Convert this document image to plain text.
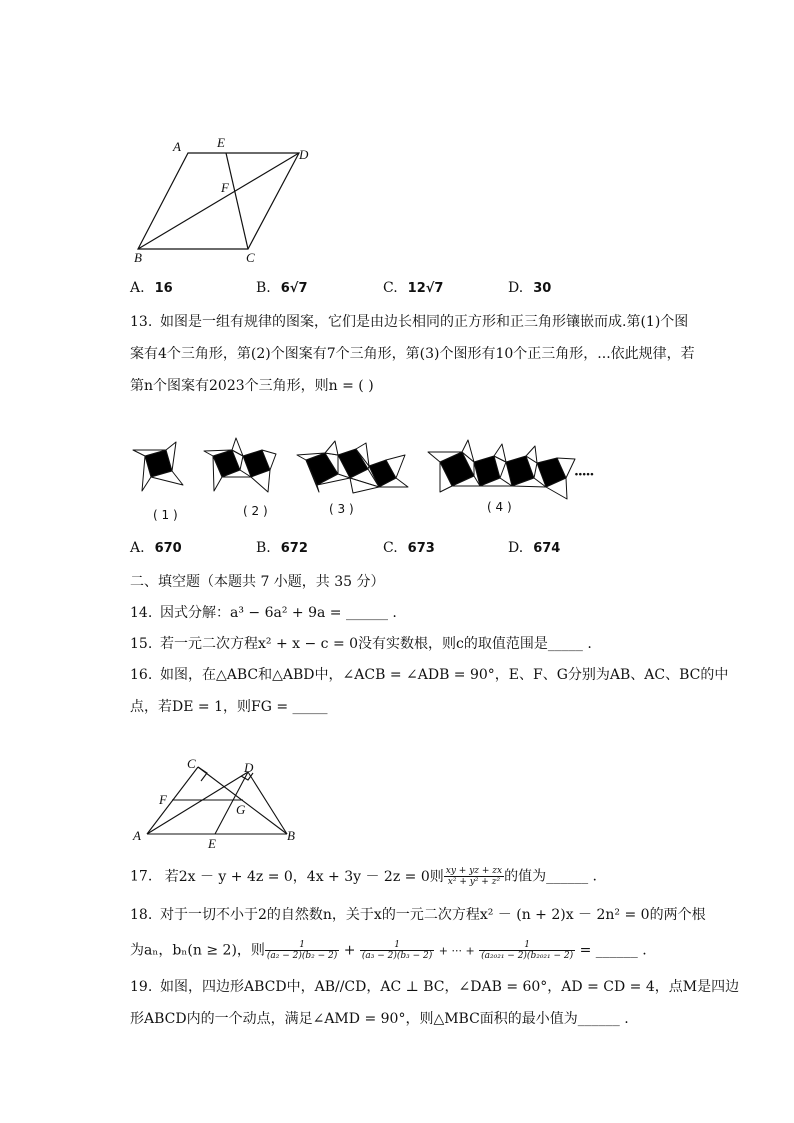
A	E
D
F
B	C
A. 16	B. 6√7	C. 12√7	D. 30
13. 如图是一组有规律的图案，它们是由边长相同的正方形和正三角形镶嵌而成.第(1)个图
案有4个三角形，第(2)个图案有7个三角形，第(3)个图形有10个正三角形，...依此规律，若
第n个图案有2023个三角形，则n = ( )
·····
( 1 )	( 2 )	( 3 )	( 4 )
A. 670	B. 672	C. 673	D. 674
二、填空题（本题共 7 小题，共 35 分）
14. 因式分解：a³ − 6a² + 9a = ______ .
15. 若一元二次方程x² + x − c = 0没有实数根，则c的取值范围是_____ .
16. 如图，在△ABC和△ABD中，∠ACB = ∠ADB = 90°，E、F、G分别为AB、AC、BC的中
点，若DE = 1，则FG = _____
C	D
F
G
A
E
B
17. 若2x － y + 4z = 0，4x + 3y － 2z = 0则 $\frac{xy + yz + zx}{\text{x² + y² + z²}}$ 的值为______ .
18. 对于一切不小于2的自然数n，关于x的一元二次方程x² － (n + 2)x － 2n² = 0的两个根
为aₙ，bₙ(n ≥ 2)，则 $\frac{1}{\text{(a₂ − 2)(b₂ − 2)}} + \frac{1}{\text{(a₃ − 2)(b₃ − 2)}}$ + ··· + $\frac{1}{\text{(a₂₀₂₁ − 2)(b₂₀₂₁ − 2)}}$ = ______ .
19. 如图，四边形ABCD中，AB//CD，AC ⊥ BC，∠DAB = 60°，AD = CD = 4，点M是四边
形ABCD内的一个动点，满足∠AMD = 90°，则△MBC面积的最小值为______ .
